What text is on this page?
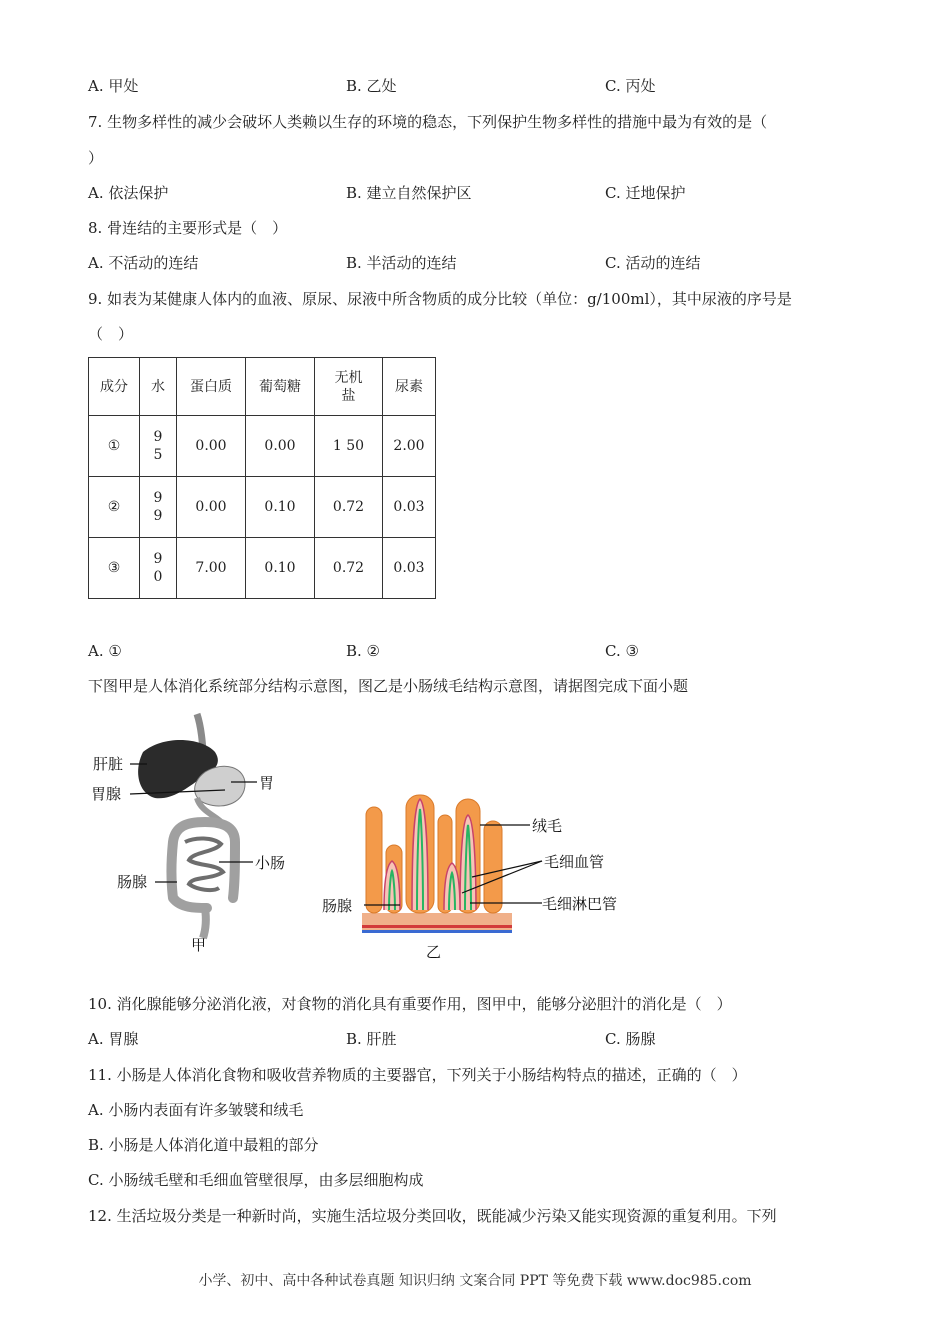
A. 甲处	B. 乙处	C. 丙处
7. 生物多样性的减少会破坏人类赖以生存的环境的稳态，下列保护生物多样性的措施中最为有效的是（
）
A. 依法保护	B. 建立自然保护区	C. 迁地保护
8. 骨连结的主要形式是（　）
A. 不活动的连结	B. 半活动的连结	C. 活动的连结
9. 如表为某健康人体内的血液、原尿、尿液中所含物质的成分比较（单位：g/100ml），其中尿液的序号是
（　）
成分	水	蛋白质	葡萄糖	无机盐	尿素
①	95	0.00	0.00	1 50	2.00
②	99	0.00	0.10	0.72	0.03
③	90	7.00	0.10	0.72	0.03
A. ①	B. ②	C. ③
下图甲是人体消化系统部分结构示意图，图乙是小肠绒毛结构示意图，请据图完成下面小题
肝脏
胃腺
胃
小肠
肠腺
甲
绒毛
毛细血管
肠腺	毛细淋巴管
乙
10. 消化腺能够分泌消化液，对食物的消化具有重要作用，图甲中，能够分泌胆汁的消化是（　）
A. 胃腺	B. 肝胜	C. 肠腺
11. 小肠是人体消化食物和吸收营养物质的主要器官，下列关于小肠结构特点的描述，正确的（　）
A. 小肠内表面有许多皱襞和绒毛
B. 小肠是人体消化道中最粗的部分
C. 小肠绒毛壁和毛细血管壁很厚，由多层细胞构成
12. 生活垃圾分类是一种新时尚，实施生活垃圾分类回收，既能减少污染又能实现资源的重复利用。下列
小学、初中、高中各种试卷真题 知识归纳 文案合同 PPT 等免费下载 www.doc985.com
